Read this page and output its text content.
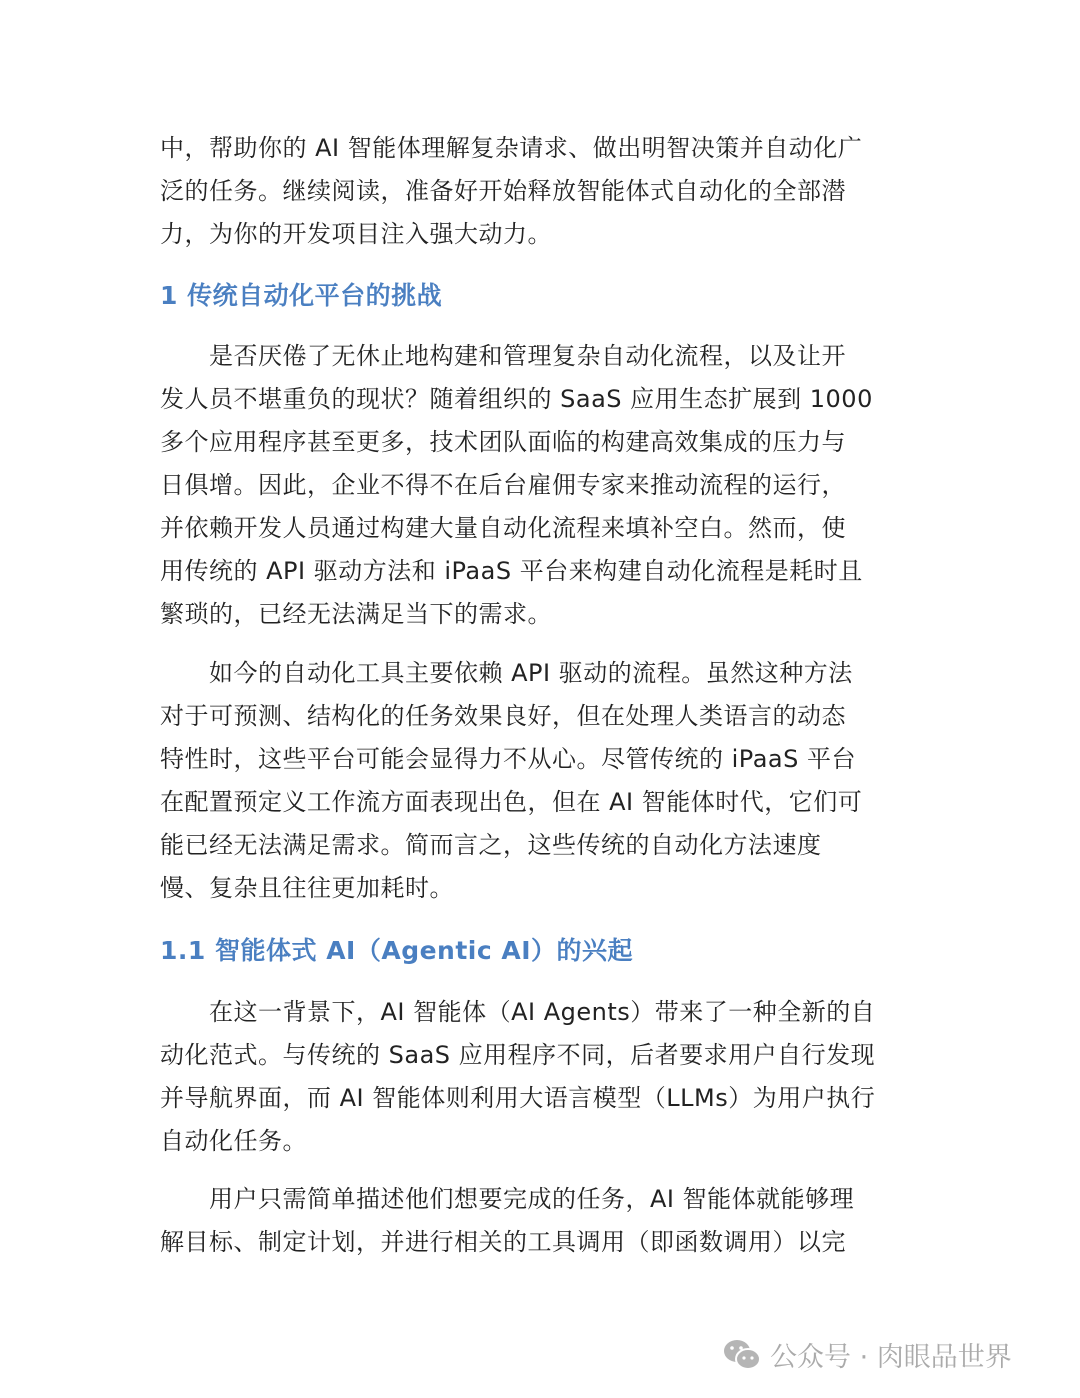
中，帮助你的 AI 智能体理解复杂请求、做出明智决策并自动化广
泛的任务。继续阅读，准备好开始释放智能体式自动化的全部潜
力，为你的开发项目注入强大动力。
1 传统自动化平台的挑战
　　是否厌倦了无休止地构建和管理复杂自动化流程，以及让开
发人员不堪重负的现状？随着组织的 SaaS 应用生态扩展到 1000
多个应用程序甚至更多，技术团队面临的构建高效集成的压力与
日俱增。因此，企业不得不在后台雇佣专家来推动流程的运行，
并依赖开发人员通过构建大量自动化流程来填补空白。然而，使
用传统的 API 驱动方法和 iPaaS 平台来构建自动化流程是耗时且
繁琐的，已经无法满足当下的需求。
　　如今的自动化工具主要依赖 API 驱动的流程。虽然这种方法
对于可预测、结构化的任务效果良好，但在处理人类语言的动态
特性时，这些平台可能会显得力不从心。尽管传统的 iPaaS 平台
在配置预定义工作流方面表现出色，但在 AI 智能体时代，它们可
能已经无法满足需求。简而言之，这些传统的自动化方法速度
慢、复杂且往往更加耗时。
1.1 智能体式 AI（Agentic AI）的兴起
　　在这一背景下，AI 智能体（AI Agents）带来了一种全新的自
动化范式。与传统的 SaaS 应用程序不同，后者要求用户自行发现
并导航界面，而 AI 智能体则利用大语言模型（LLMs）为用户执行
自动化任务。
　　用户只需简单描述他们想要完成的任务，AI 智能体就能够理
解目标、制定计划，并进行相关的工具调用（即函数调用）以完
公众号 · 肉眼品世界
